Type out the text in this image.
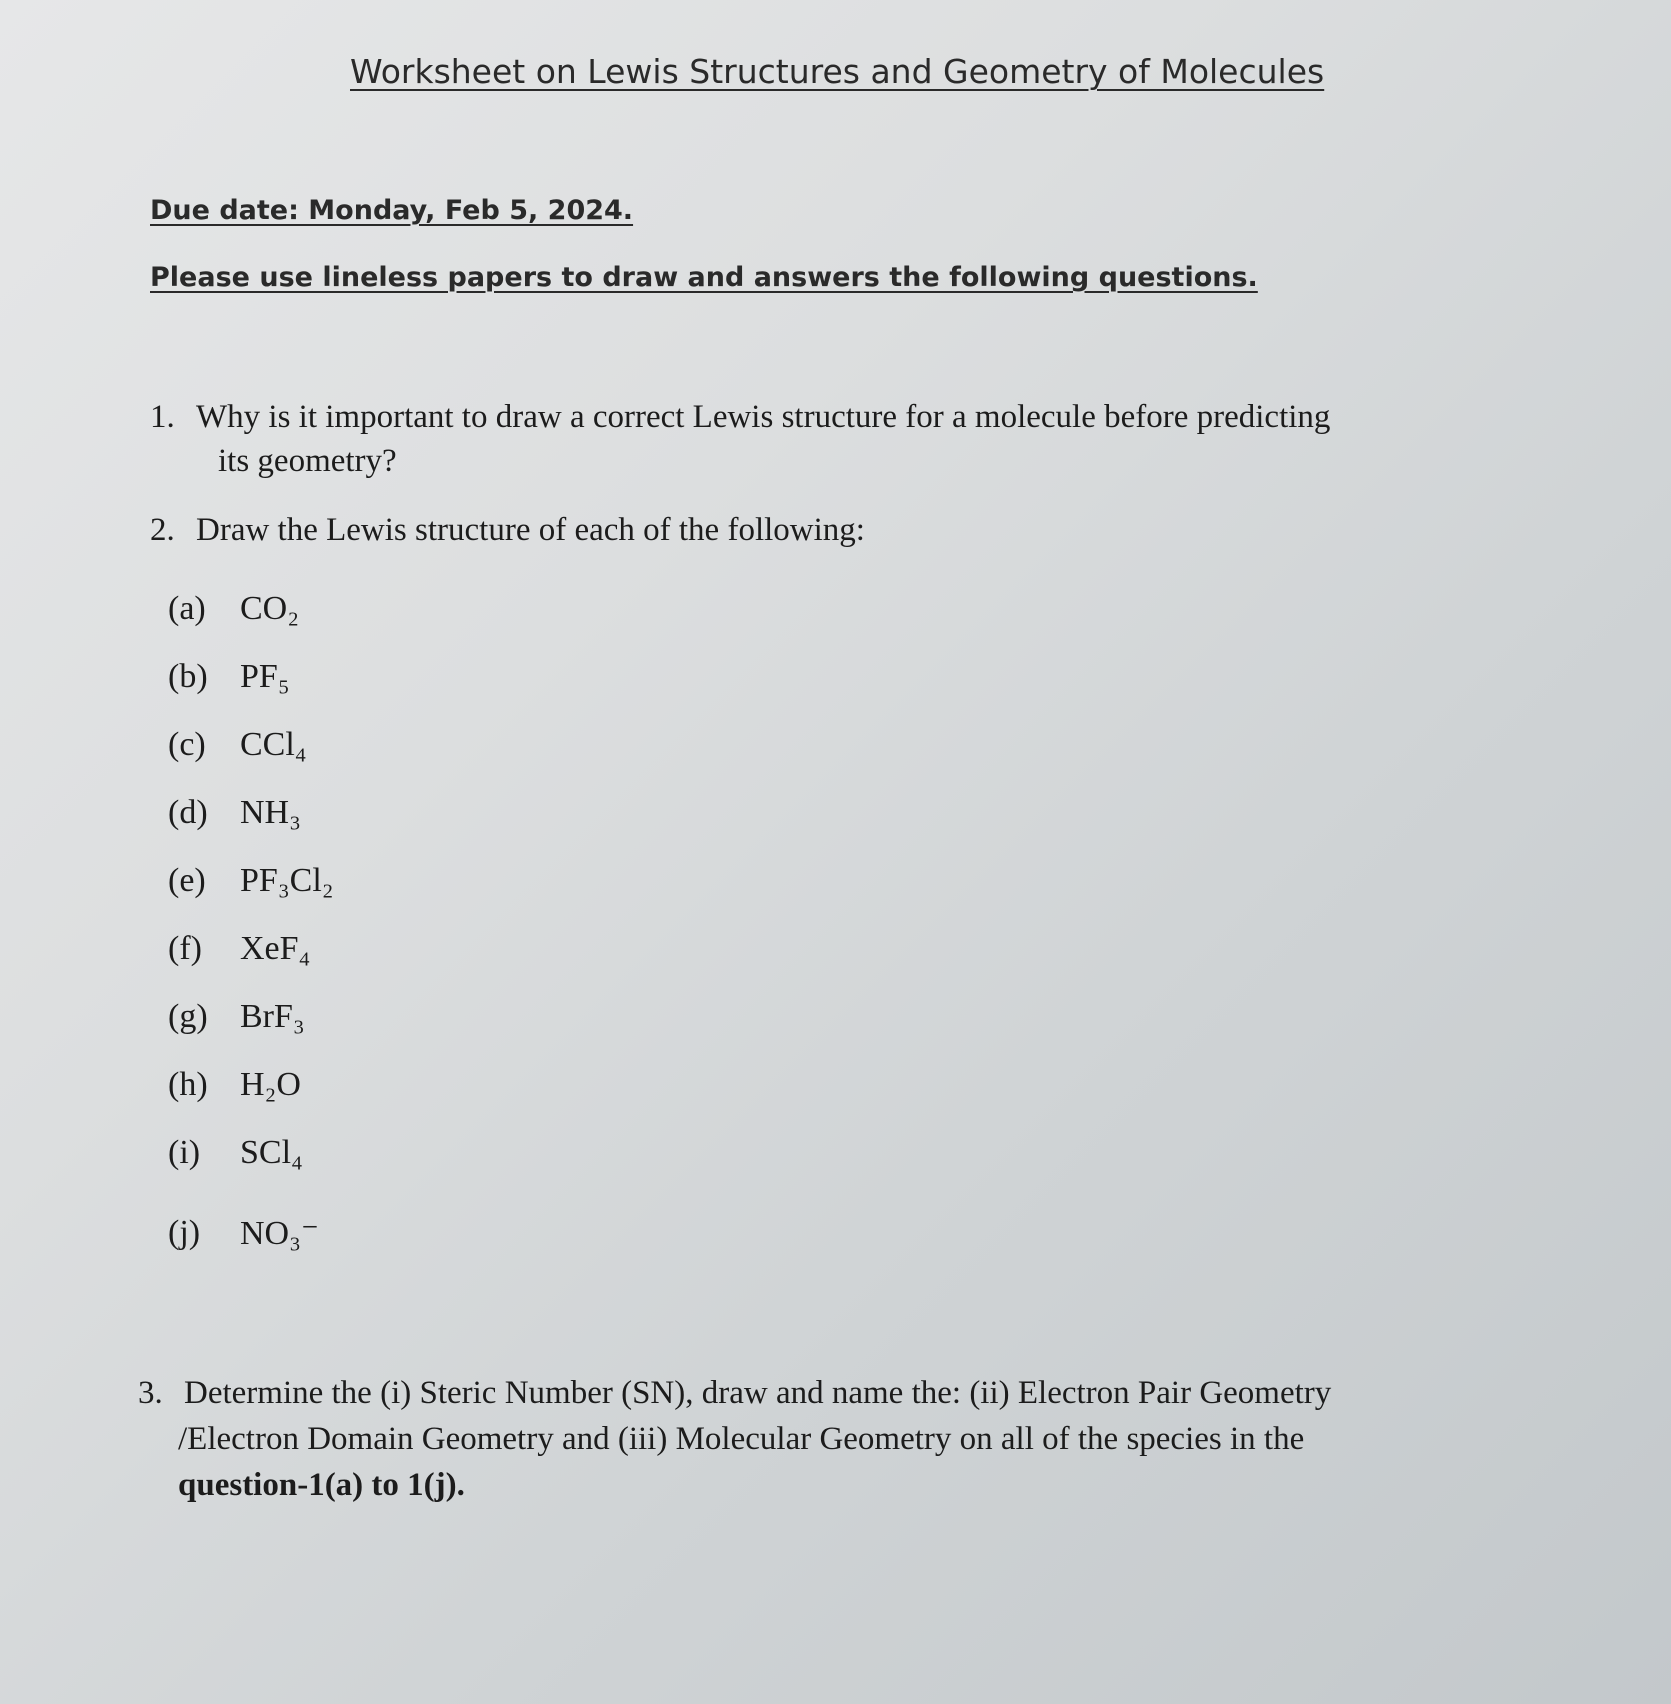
Worksheet on Lewis Structures and Geometry of Molecules
Due date: Monday, Feb 5, 2024.
Please use lineless papers to draw and answers the following questions.
1. Why is it important to draw a correct Lewis structure for a molecule before predicting
its geometry?
2. Draw the Lewis structure of each of the following:
(a)	CO₂
(b) PF₅
(c)	CCl₄
(d) NH₃
(e)	PF₃Cl₂
(f)	XeF₄
(g) BrF₃
(h) H₂O
(i)	SCl₄
(j)	NO₃⁻
3. Determine the (i) Steric Number (SN), draw and name the: (ii) Electron Pair Geometry
/Electron Domain Geometry and (iii) Molecular Geometry on all of the species in the
question-1(a) to 1(j).
